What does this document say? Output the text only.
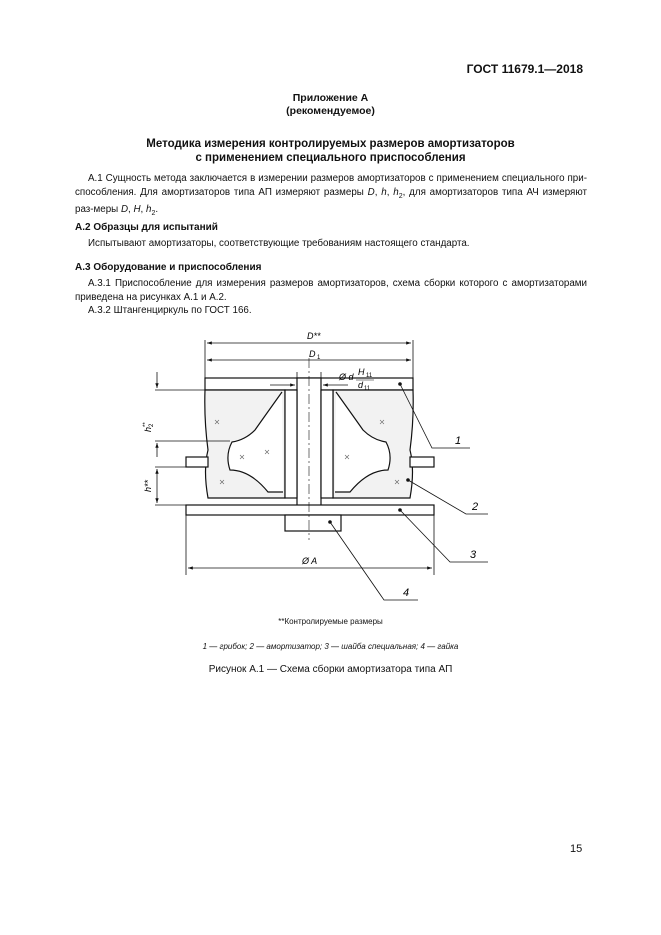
ГОСТ 11679.1—2018
Приложение А
(рекомендуемое)
Методика измерения контролируемых размеров амортизаторов
с применением специального приспособления
А.1 Сущность метода заключается в измерении размеров амортизаторов с применением специального при-способления. Для амортизаторов типа АП измеряют размеры D, h, $h_2$, для амортизаторов типа АЧ измеряют раз-меры D, H, $h_2$.
А.2 Образцы для испытаний
Испытывают амортизаторы, соответствующие требованиям настоящего стандарта.
А.3 Оборудование и приспособления
А.3.1 Приспособление для измерения размеров амортизаторов, схема сборки которого с амортизаторами приведена на рисунках А.1 и А.2.
А.3.2 Штангенциркуль по ГОСТ 166.
D**
D 1
Ø d H 11
d 11
h
2
**
h**
Ø A
1
2
3
4
**Контролируемые размеры
1 — грибок; 2 — амортизатор; 3 — шайба специальная; 4 — гайка
Рисунок А.1 — Схема сборки амортизатора типа АП
15
